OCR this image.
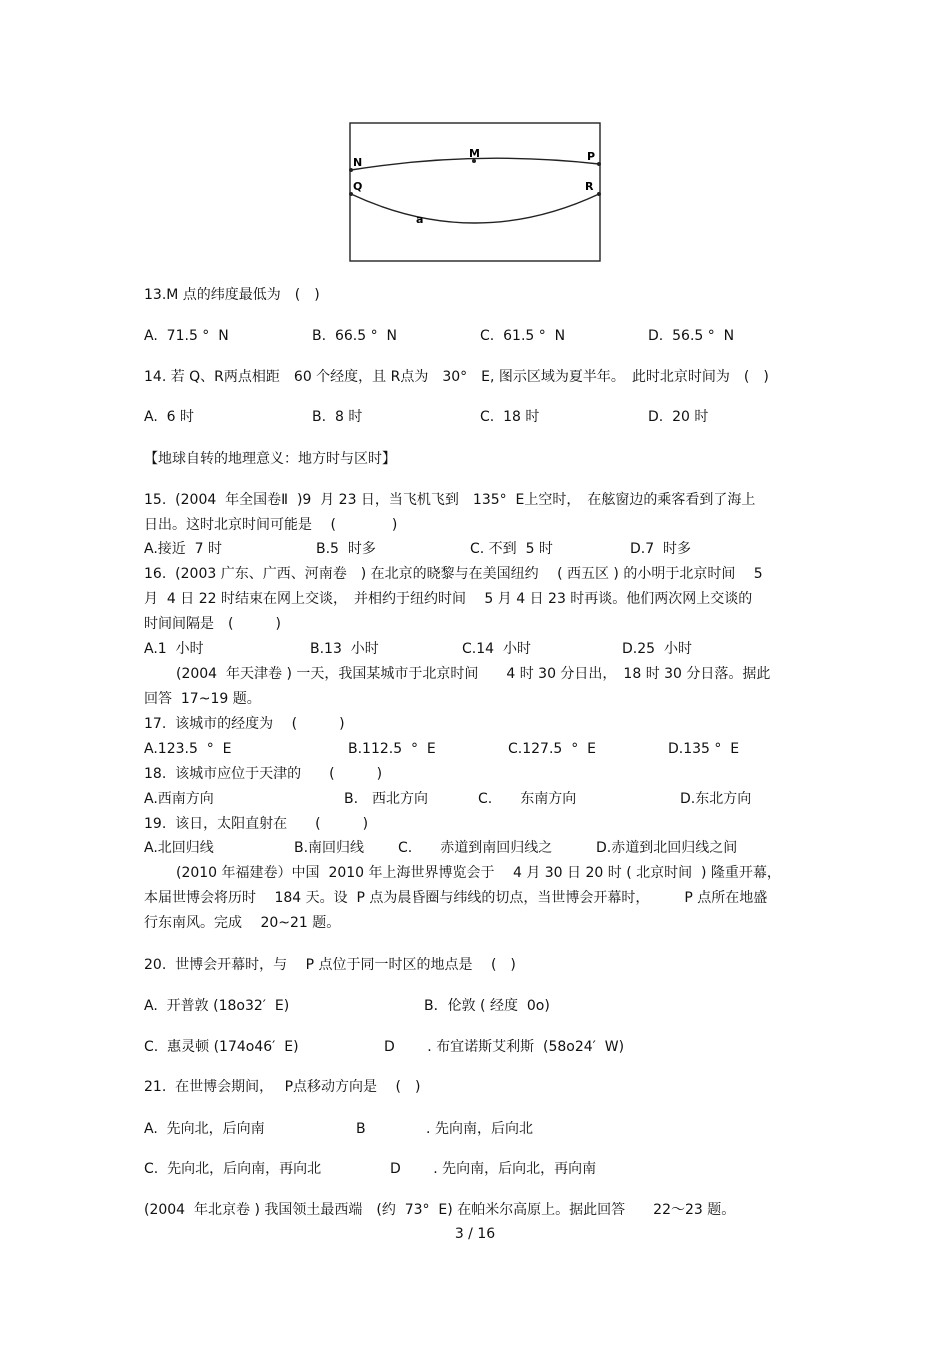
N
M	P
Q	R
a
13.M 点的纬度最低为　(　)
A.  71.5 °  N	B.  66.5 °  N	C.  61.5 °  N	D.  56.5 °  N
14. 若 Q、R两点相距　60 个经度，且 R点为　30°　E, 图示区域为夏半年。　此时北京时间为　(　)
A.  6 时	B.  8 时	C.  18 时	D.  20 时
【地球自转的地理意义：地方时与区时】
15.  (2004  年全国卷Ⅱ  )9  月 23 日，当飞机飞到　135°  E上空时，　在舷窗边的乘客看到了海上
日出。这时北京时间可能是　 (　　　　)
A.接近  7 时	B.5  时多	C. 不到  5 时	D.7  时多
16.  (2003 广东、广西、河南卷　) 在北京的晓黎与在美国纽约　 ( 西五区 ) 的小明于北京时间　 5
月  4 日 22 时结束在网上交谈，　并相约于纽约时间　 5 月 4 日 23 时再谈。他们两次网上交谈的
时间间隔是　(　　　)
A.1  小时	B.13  小时	C.14  小时	D.25  小时
(2004  年天津卷 ) 一天，我国某城市于北京时间　　4 时 30 分日出，　18 时 30 分日落。据此
回答  17~19 题。
17.  该城市的经度为　 (　　　)
A.123.5  °  E	B.112.5  °  E	C.127.5  °  E	D.135 °  E
18.  该城市应位于天津的　　(　　　)
A.西南方向	B.　西北方向	C.　　东南方向	D.东北方向
19.  该日，太阳直射在　　(　　　)
A.北回归线	B.南回归线 C.　　赤道到南回归线之	D.赤道到北回归线之间
(2010 年福建卷）中国  2010 年上海世界博览会于　 4 月 30 日 20 时 ( 北京时间  ) 隆重开幕，
本届世博会将历时　 184 天。设  P 点为晨昏圈与纬线的切点，当世博会开幕时，　　　P 点所在地盛
行东南风。完成　 20~21 题。
20.  世博会开幕时，与　 P 点位于同一时区的地点是　 (　)
A.  开普敦 (18o32′  E)	B．伦敦 ( 经度  0o)
C.  惠灵顿 (174o46′  E)	D　　 . 布宜诺斯艾利斯  (58o24′  W)
21.  在世博会期间，　 P点移动方向是　 (　)
A.  先向北，后向南	B　　　　 . 先向南，后向北
C.  先向北，后向南，再向北	D　　 . 先向南，后向北，再向南
(2004  年北京卷 ) 我国领土最西端　(约  73°  E) 在帕米尔高原上。据此回答　　22～23 题。
3 / 16
